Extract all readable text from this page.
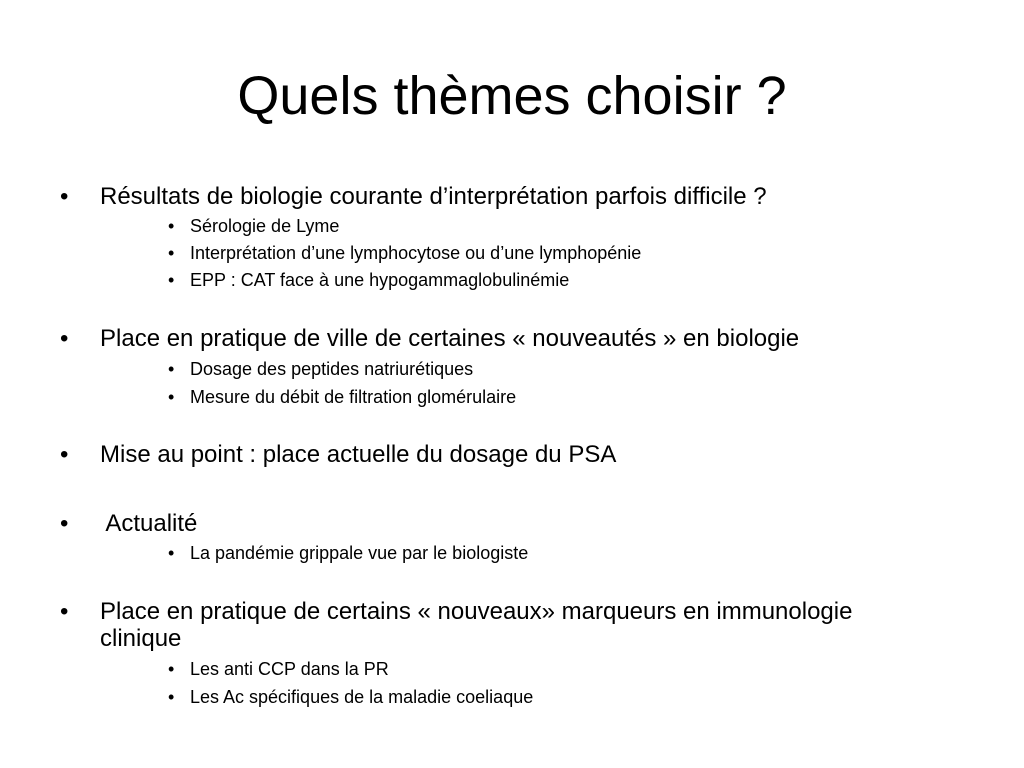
Quels thèmes choisir ?
• Résultats de biologie courante d’interprétation parfois difficile ?
• Sérologie de Lyme
• Interprétation d’une lymphocytose ou d’une lymphopénie
• EPP : CAT face à une hypogammaglobulinémie
• Place en pratique de ville de certaines « nouveautés » en biologie
• Dosage des peptides natriurétiques
• Mesure du débit de filtration glomérulaire
• Mise au point : place actuelle du dosage du PSA
• Actualité
• La pandémie grippale vue par le biologiste
• Place en pratique de certains « nouveaux» marqueurs en immunologie clinique
• Les anti CCP dans la PR
• Les Ac spécifiques de la maladie coeliaque
